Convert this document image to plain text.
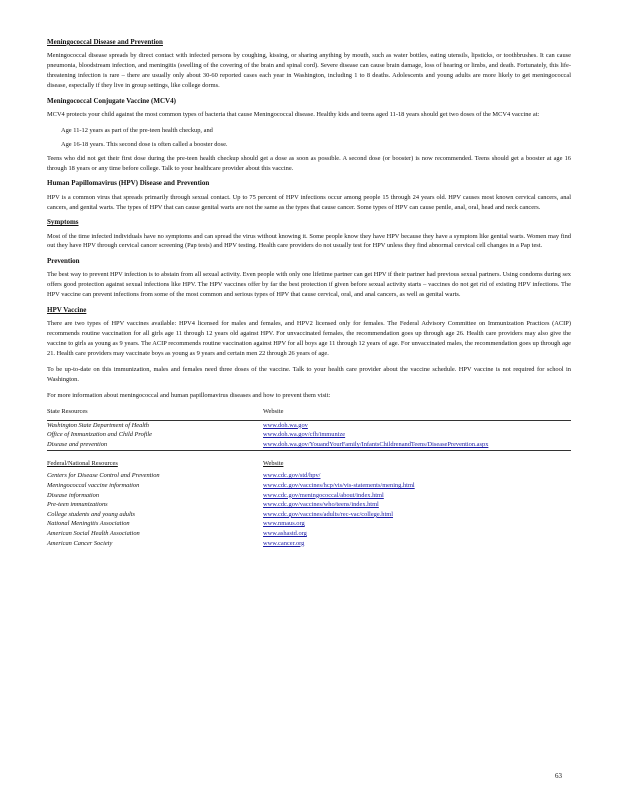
Meningococcal Disease and Prevention

Meningococcal disease spreads by direct contact with infected persons by coughing, kissing, or sharing anything by mouth, such as water bottles, eating utensils, lipsticks, or toothbrushes. It can cause pneumonia, bloodstream infection, and meningitis (swelling of the covering of the brain and spinal cord). Severe disease can cause brain damage, loss of hearing or limbs, and death. Fortunately, this life-threatening infection is rare – there are usually only about 30-60 reported cases each year in Washington, including 1 to 8 deaths. Adolescents and young adults are more likely to get meningococcal disease, especially if they live in group settings, like college dorms.

Meningococcal Conjugate Vaccine (MCV4)

MCV4 protects your child against the most common types of bacteria that cause Meningococcal disease. Healthy kids and teens aged 11-18 years should get two doses of the MCV4 vaccine at:

Age 11-12 years as part of the pre-teen health checkup, and
Age 16-18 years. This second dose is often called a booster dose.

Teens who did not get their first dose during the pre-teen health checkup should get a dose as soon as possible. A second dose (or booster) is now recommended. Teens should get a booster at age 16 through 18 years or any time before college. Talk to your healthcare provider about this vaccine.

Human Papillomavirus (HPV) Disease and Prevention

HPV is a common virus that spreads primarily through sexual contact. Up to 75 percent of HPV infections occur among people 15 through 24 years old. HPV causes most known cervical cancers, anal cancers, and genital warts. The types of HPV that can cause genital warts are not the same as the types that cause cancer. Some types of HPV can cause penile, anal, oral, head and neck cancers.

Symptoms

Most of the time infected individuals have no symptoms and can spread the virus without knowing it. Some people know they have HPV because they have a symptom like genital warts. Women may find out they have HPV through cervical cancer screening (Pap tests) and HPV testing. Health care providers do not usually test for HPV unless they find abnormal cervical cell changes in a Pap test.

Prevention

The best way to prevent HPV infection is to abstain from all sexual activity. Even people with only one lifetime partner can get HPV if their partner had previous sexual partners. Using condoms during sex offers good protection against sexual infections like HPV. The HPV vaccines offer by far the best protection if given before sexual activity starts – vaccines do not get rid of existing HPV infections. The HPV vaccine can prevent infections from some of the most common and serious types of HPV that cause cervical, oral, and anal cancers, as well as genital warts.

HPV Vaccine

There are two types of HPV vaccines available: HPV4 licensed for males and females, and HPV2 licensed only for females. The Federal Advisory Committee on Immunization Practices (ACIP) recommends routine vaccination for all girls age 11 through 12 years old against HPV. For unvaccinated females, the recommendation goes up through age 26. Health care providers may also give the vaccine to girls as young as 9 years. The ACIP recommends routine vaccination against HPV for all boys age 11 through 12 years of age. For unvaccinated males, the recommendation goes up through age 21. Health care providers may vaccinate boys as young as 9 years and certain men 22 through 26 years of age.

To be up-to-date on this immunization, males and females need three doses of the vaccine. Talk to your health care provider about the vaccine schedule. HPV vaccine is not required for school in Washington.

For more information about meningococcal and human papillomavirus diseases and how to prevent them visit:

State Resources	Website
Washington State Department of Health	www.doh.wa.gov
Office of Immunization and Child Profile	www.doh.wa.gov/cfh/immunize
Disease and prevention	www.doh.wa.gov/YouandYourFamily/InfantsChildrenandTeens/DiseasePrevention.aspx
Federal/National Resources	Website
Centers for Disease Control and Prevention	www.cdc.gov/std/hpv/
Meningococcal vaccine information	www.cdc.gov/vaccines/hcp/vis/vis-statements/mening.html
Disease information	www.cdc.gov/meningococcal/about/index.html
Pre-teen immunizations	www.cdc.gov/vaccines/who/teens/index.html
College students and young adults	www.cdc.gov/vaccines/adults/rec-vac/college.html
National Meningitis Association	www.nmaus.org
American Social Health Association	www.ashastd.org
American Cancer Society	www.cancer.org
63
